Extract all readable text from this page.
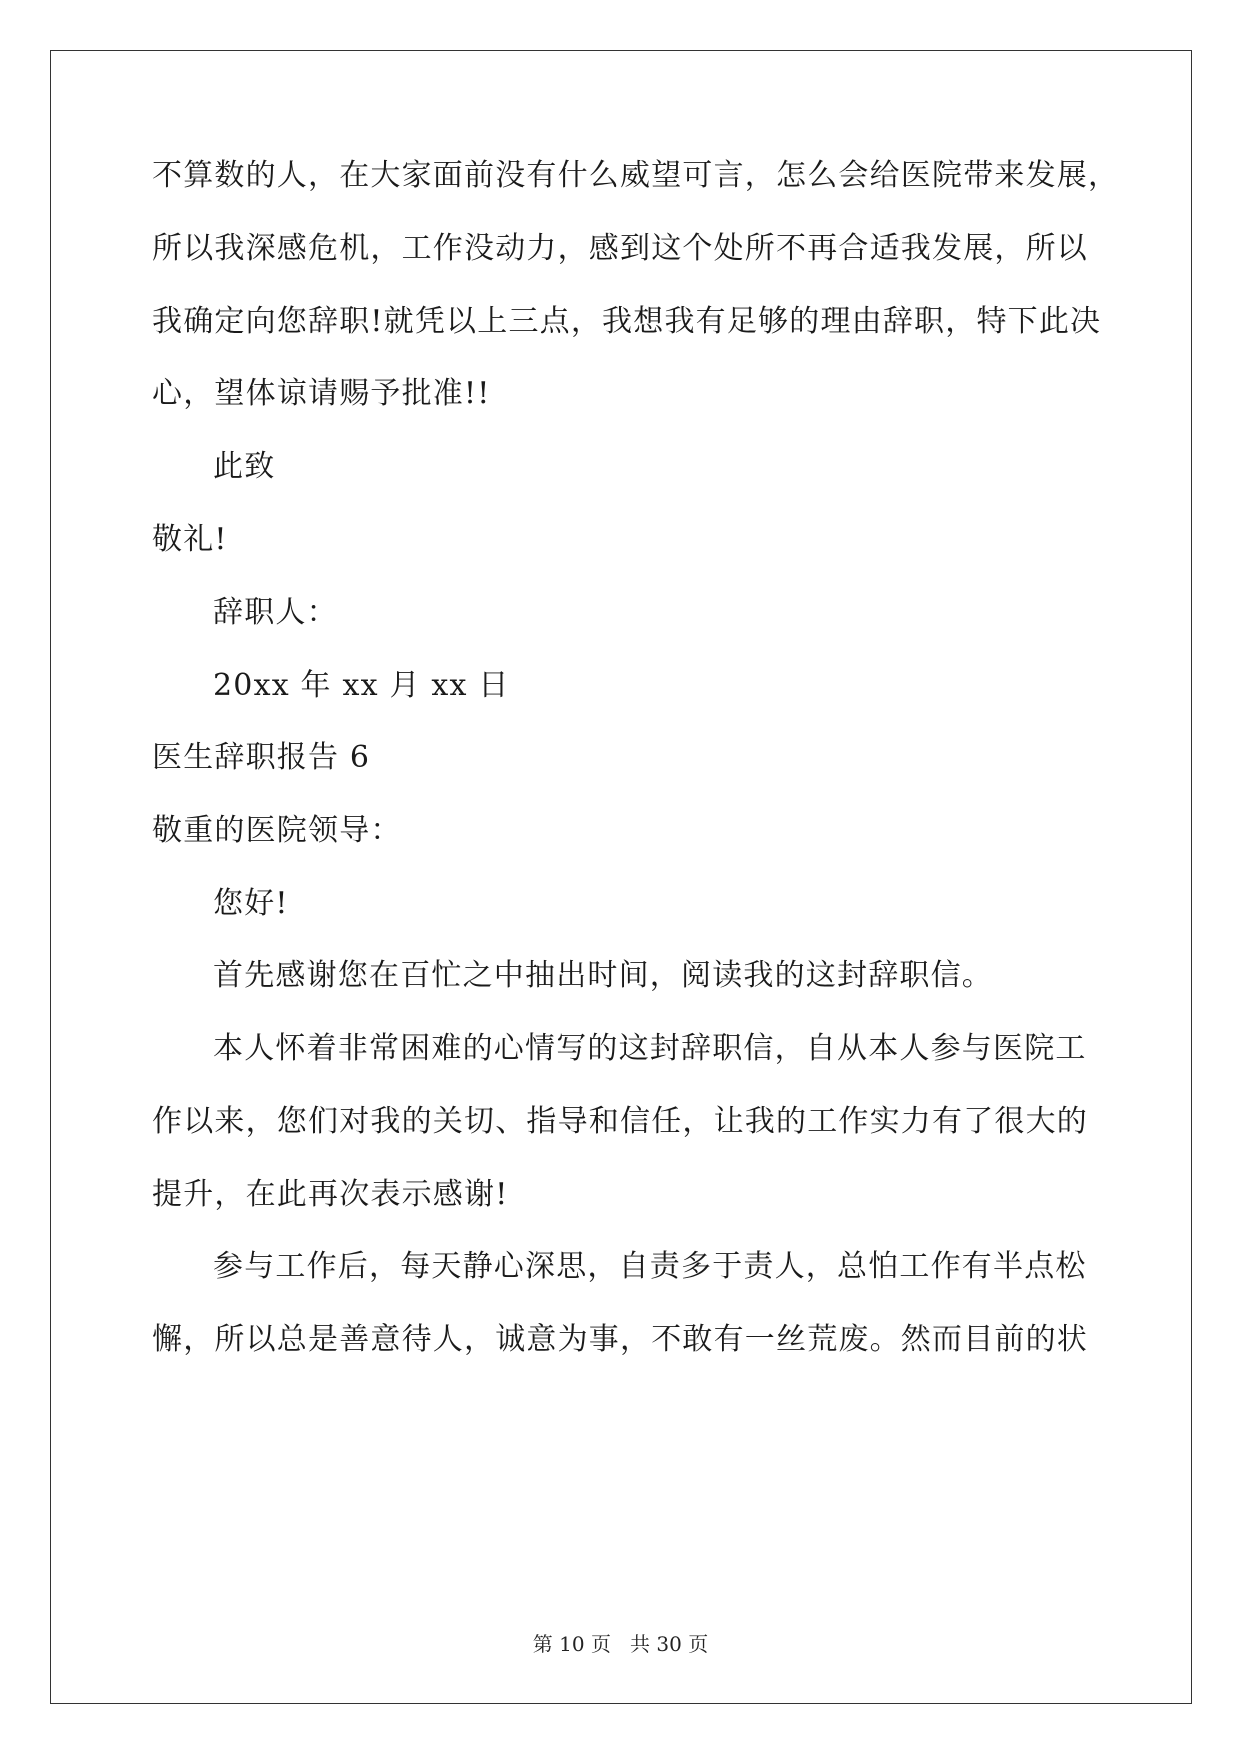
不算数的人，在大家面前没有什么威望可言，怎么会给医院带来发展，
所以我深感危机，工作没动力，感到这个处所不再合适我发展，所以
我确定向您辞职!就凭以上三点，我想我有足够的理由辞职，特下此决
心，望体谅请赐予批准!!
此致
敬礼!
辞职人：
20xx 年 xx 月 xx 日
医生辞职报告 6
敬重的医院领导：
您好!
首先感谢您在百忙之中抽出时间，阅读我的这封辞职信。
本人怀着非常困难的心情写的这封辞职信，自从本人参与医院工
作以来，您们对我的关切、指导和信任，让我的工作实力有了很大的
提升，在此再次表示感谢!
参与工作后，每天静心深思，自责多于责人，总怕工作有半点松
懈，所以总是善意待人，诚意为事，不敢有一丝荒废。然而目前的状
第 10 页 共 30 页
